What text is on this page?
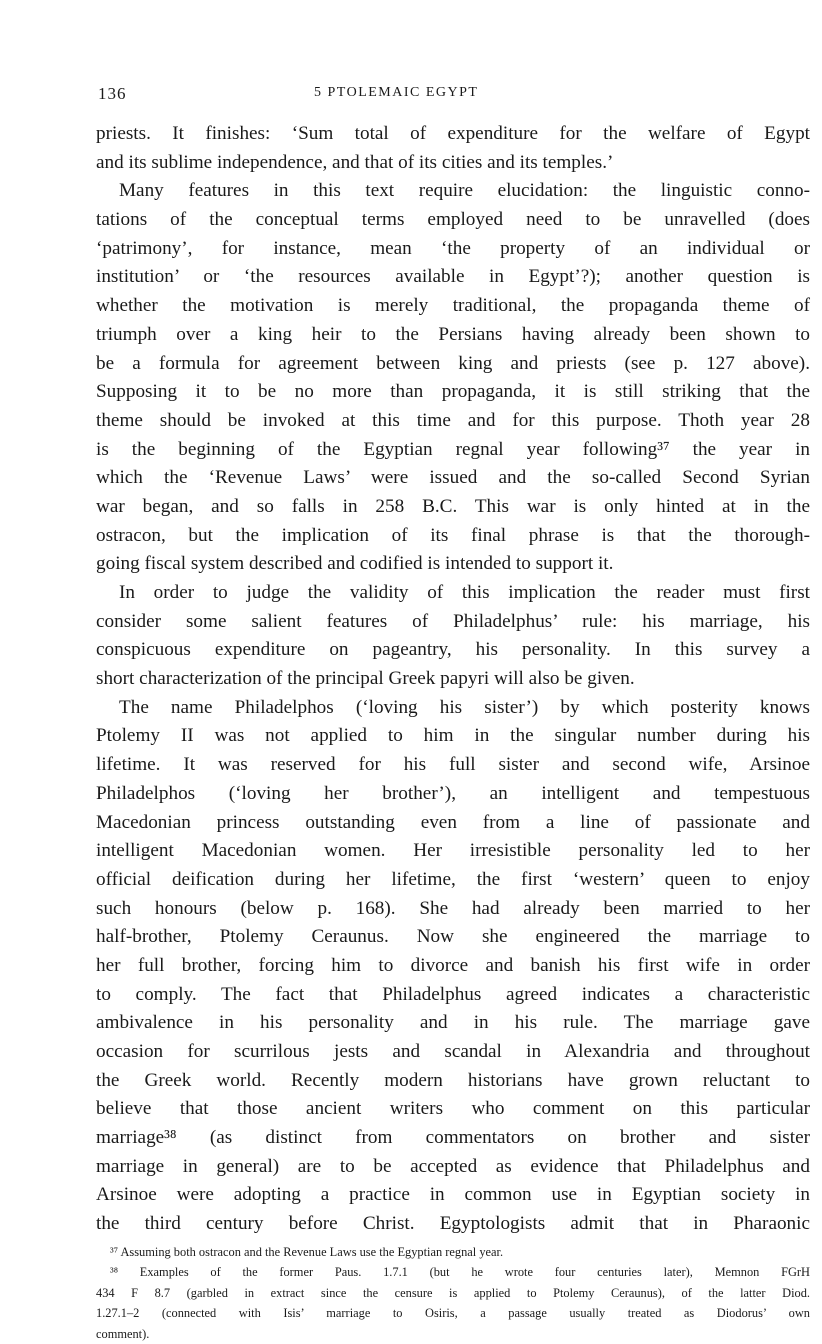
136	5 PTOLEMAIC EGYPT
priests. It finishes: ‘Sum total of expenditure for the welfare of Egypt
and its sublime independence, and that of its cities and its temples.’
Many features in this text require elucidation: the linguistic conno-
tations of the conceptual terms employed need to be unravelled (does
‘patrimony’, for instance, mean ‘the property of an individual or
institution’ or ‘the resources available in Egypt’?); another question is
whether the motivation is merely traditional, the propaganda theme of
triumph over a king heir to the Persians having already been shown to
be a formula for agreement between king and priests (see p. 127 above).
Supposing it to be no more than propaganda, it is still striking that the
theme should be invoked at this time and for this purpose. Thoth year 28
is the beginning of the Egyptian regnal year following³⁷ the year in
which the ‘Revenue Laws’ were issued and the so-called Second Syrian
war began, and so falls in 258 B.C. This war is only hinted at in the
ostracon, but the implication of its final phrase is that the thorough-
going fiscal system described and codified is intended to support it.
In order to judge the validity of this implication the reader must first
consider some salient features of Philadelphus’ rule: his marriage, his
conspicuous expenditure on pageantry, his personality. In this survey a
short characterization of the principal Greek papyri will also be given.
The name Philadelphos (‘loving his sister’) by which posterity knows
Ptolemy II was not applied to him in the singular number during his
lifetime. It was reserved for his full sister and second wife, Arsinoe
Philadelphos (‘loving her brother’), an intelligent and tempestuous
Macedonian princess outstanding even from a line of passionate and
intelligent Macedonian women. Her irresistible personality led to her
official deification during her lifetime, the first ‘western’ queen to enjoy
such honours (below p. 168). She had already been married to her
half-brother, Ptolemy Ceraunus. Now she engineered the marriage to
her full brother, forcing him to divorce and banish his first wife in order
to comply. The fact that Philadelphus agreed indicates a characteristic
ambivalence in his personality and in his rule. The marriage gave
occasion for scurrilous jests and scandal in Alexandria and throughout
the Greek world. Recently modern historians have grown reluctant to
believe that those ancient writers who comment on this particular
marriage³⁸ (as distinct from commentators on brother and sister
marriage in general) are to be accepted as evidence that Philadelphus and
Arsinoe were adopting a practice in common use in Egyptian society in
the third century before Christ. Egyptologists admit that in Pharaonic
³⁷ Assuming both ostracon and the Revenue Laws use the Egyptian regnal year.
³⁸ Examples of the former Paus. 1.7.1 (but he wrote four centuries later), Memnon FGrH
434 F 8.7 (garbled in extract since the censure is applied to Ptolemy Ceraunus), of the latter Diod.
1.27.1–2 (connected with Isis’ marriage to Osiris, a passage usually treated as Diodorus’ own
comment).
